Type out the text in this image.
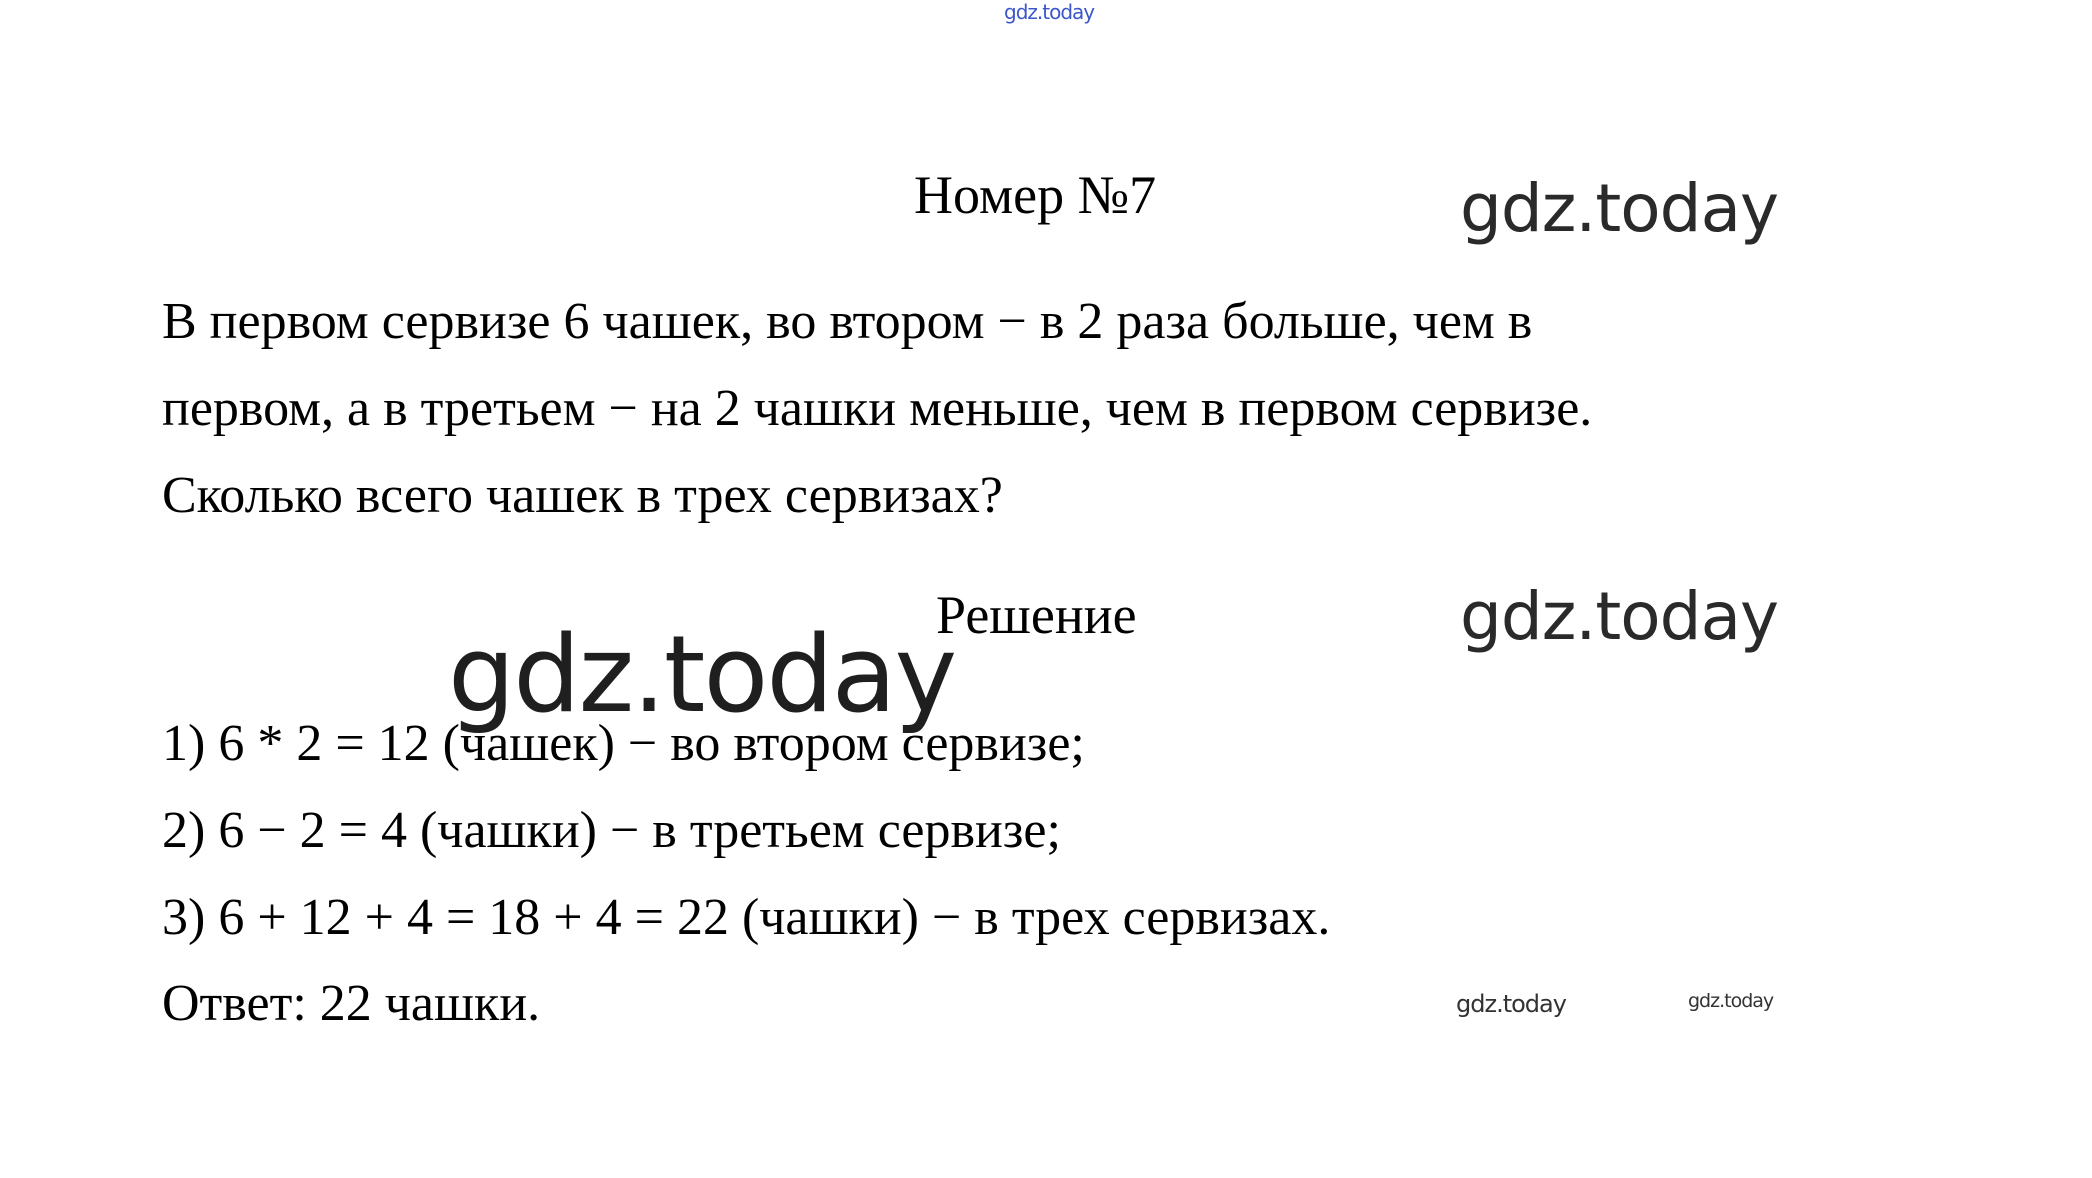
gdz.today
Номер №7	gdz.today
В первом сервизе 6 чашек, во втором − в 2 раза больше, чем в
первом, а в третьем − на 2 чашки меньше, чем в первом сервизе.
Сколько всего чашек в трех сервизах?
Решение	gdz.today
gdz.today
1) 6 * 2 = 12 (чашек) − во втором сервизе;
2) 6 − 2 = 4 (чашки) − в третьем сервизе;
3) 6 + 12 + 4 = 18 + 4 = 22 (чашки) − в трех сервизах.
Ответ: 22 чашки.	gdz.today	gdz.today
